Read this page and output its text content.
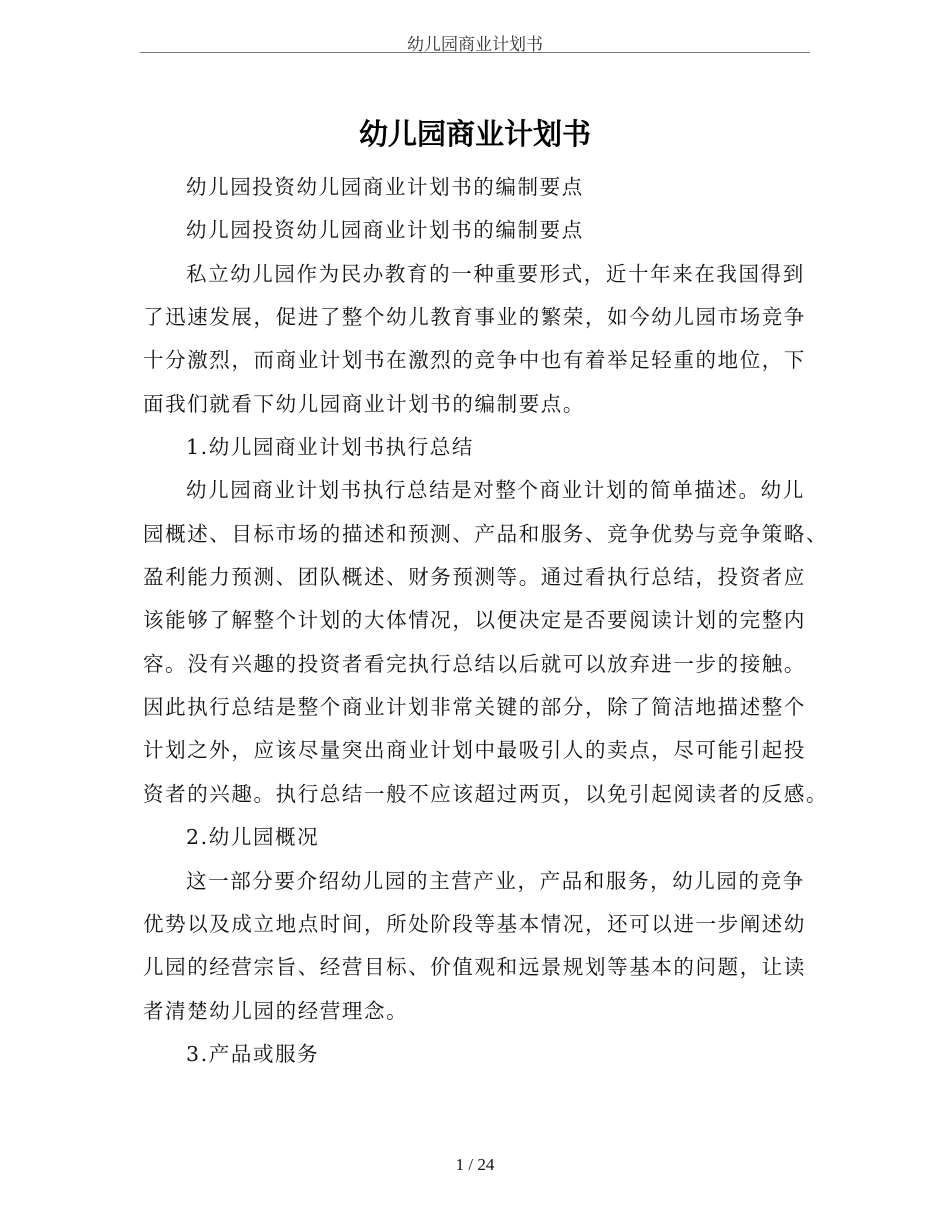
幼儿园商业计划书
幼儿园商业计划书
幼儿园投资幼儿园商业计划书的编制要点
幼儿园投资幼儿园商业计划书的编制要点
私立幼儿园作为民办教育的一种重要形式，近十年来在我国得到
了迅速发展，促进了整个幼儿教育事业的繁荣，如今幼儿园市场竞争
十分激烈，而商业计划书在激烈的竞争中也有着举足轻重的地位，下
面我们就看下幼儿园商业计划书的编制要点。
1.幼儿园商业计划书执行总结
幼儿园商业计划书执行总结是对整个商业计划的简单描述。幼儿
园概述、目标市场的描述和预测、产品和服务、竞争优势与竞争策略、
盈利能力预测、团队概述、财务预测等。通过看执行总结，投资者应
该能够了解整个计划的大体情况，以便决定是否要阅读计划的完整内
容。没有兴趣的投资者看完执行总结以后就可以放弃进一步的接触。
因此执行总结是整个商业计划非常关键的部分，除了简洁地描述整个
计划之外，应该尽量突出商业计划中最吸引人的卖点，尽可能引起投
资者的兴趣。执行总结一般不应该超过两页，以免引起阅读者的反感。
2.幼儿园概况
这一部分要介绍幼儿园的主营产业，产品和服务，幼儿园的竞争
优势以及成立地点时间，所处阶段等基本情况，还可以进一步阐述幼
儿园的经营宗旨、经营目标、价值观和远景规划等基本的问题，让读
者清楚幼儿园的经营理念。
3.产品或服务
1 / 24
